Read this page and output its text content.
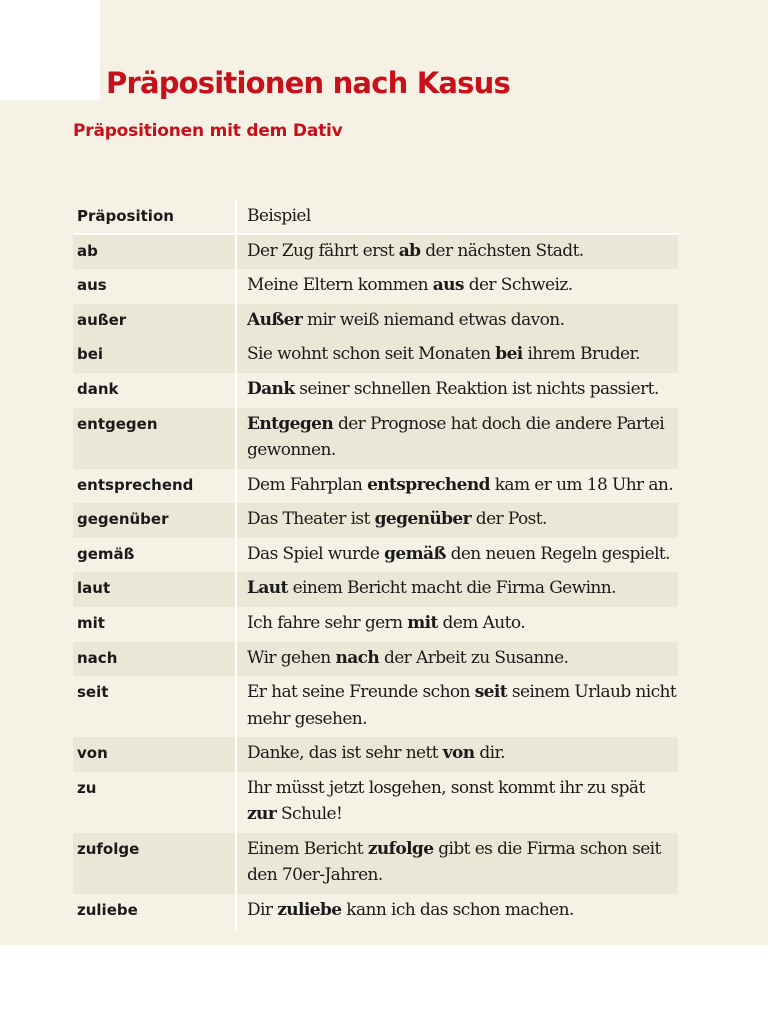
Präpositionen nach Kasus
Präpositionen mit dem Dativ
Präposition	Beispiel
ab	Der Zug fährt erst ab der nächsten Stadt.
aus	Meine Eltern kommen aus der Schweiz.
außer	Außer mir weiß niemand etwas davon.
bei	Sie wohnt schon seit Monaten bei ihrem Bruder.
dank	Dank seiner schnellen Reaktion ist nichts passiert.
entgegen	Entgegen der Prognose hat doch die andere Partei gewonnen.
entsprechend	Dem Fahrplan entsprechend kam er um 18 Uhr an.
gegenüber	Das Theater ist gegenüber der Post.
gemäß	Das Spiel wurde gemäß den neuen Regeln gespielt.
laut	Laut einem Bericht macht die Firma Gewinn.
mit	Ich fahre sehr gern mit dem Auto.
nach	Wir gehen nach der Arbeit zu Susanne.
seit	Er hat seine Freunde schon seit seinem Urlaub nicht mehr gesehen.
von	Danke, das ist sehr nett von dir.
zu	Ihr müsst jetzt losgehen, sonst kommt ihr zu spät zur Schule!
zufolge	Einem Bericht zufolge gibt es die Firma schon seit den 70er-Jahren.
zuliebe	Dir zuliebe kann ich das schon machen.
